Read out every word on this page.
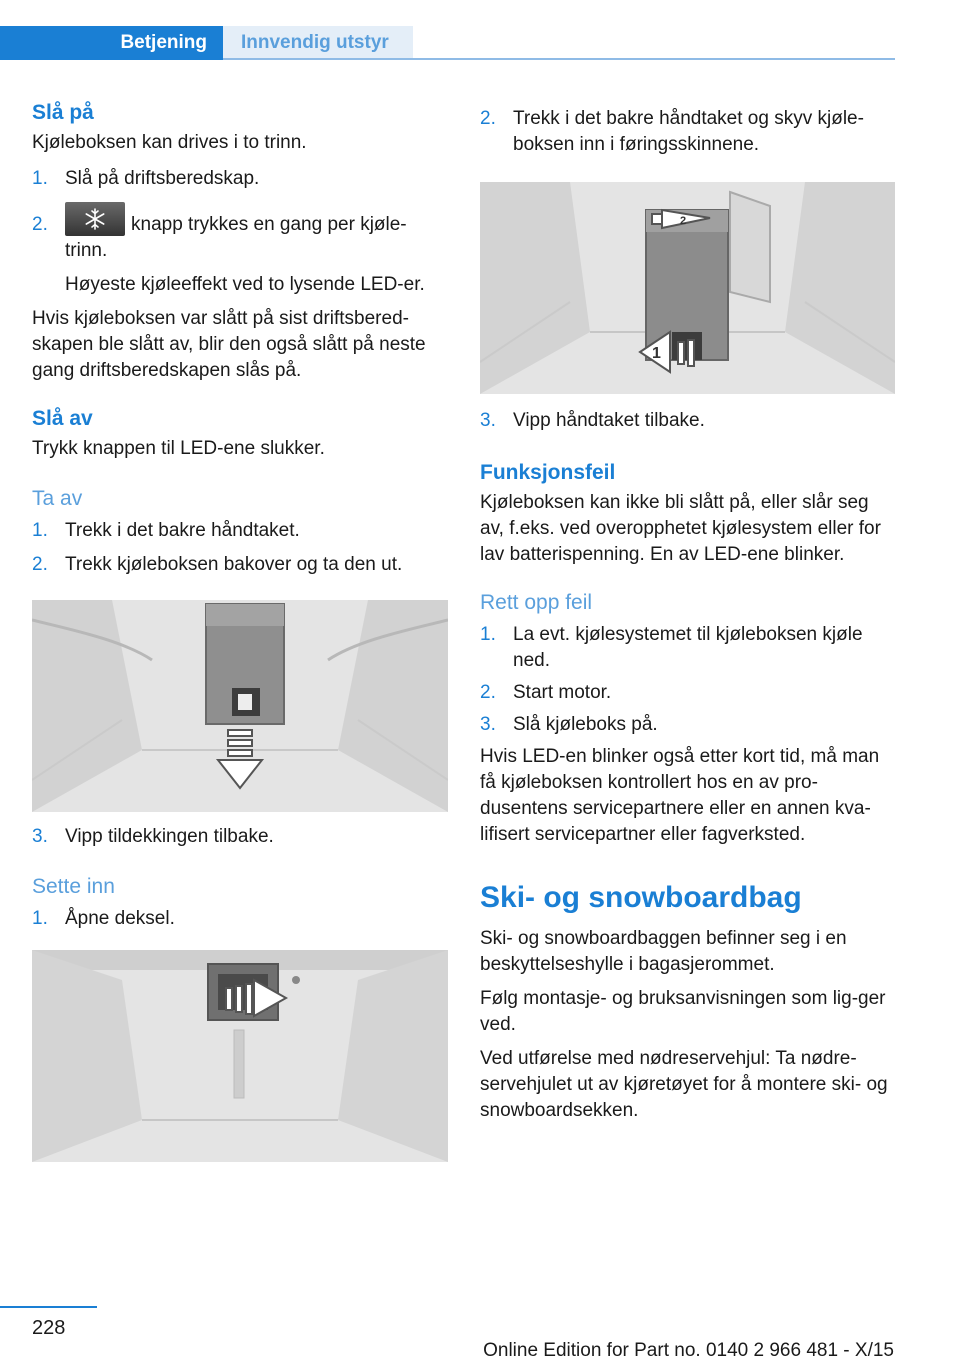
Betjening	Innvendig utstyr
Slå på

Kjøleboksen kan drives i to trinn.

1. Slå på driftsberedskap.
2.	knapp trykkes en gang per kjøle-trinn.

Høyeste kjøleeffekt ved to lysende LED-er.

Hvis kjøleboksen var slått på sist driftsbered-skapen ble slått av, blir den også slått på neste gang driftsberedskapen slås på.

Slå av

Trykk knappen til LED-ene slukker.

Ta av
1. Trekk i det bakre håndtaket.
2. Trekk kjøleboksen bakover og ta den ut.
3. Vipp tildekkingen tilbake.
Sette inn
1. Åpne deksel.
2. Trekk i det bakre håndtaket og skyv kjøle-boksen inn i føringsskinnene.
2
1
3. Vipp håndtaket tilbake.
Funksjonsfeil

Kjøleboksen kan ikke bli slått på, eller slår seg av, f.eks. ved overopphetet kjølesystem eller for lav batterispenning. En av LED-ene blinker.

Rett opp feil
1. La evt. kjølesystemet til kjøleboksen kjøle ned.
2. Start motor.
3. Slå kjøleboks på.

Hvis LED-en blinker også etter kort tid, må man få kjøleboksen kontrollert hos en av pro-dusentens servicepartnere eller en annen kva-lifisert servicepartner eller fagverksted.

Ski- og snowboardbag

Ski- og snowboardbaggen befinner seg i en beskyttelseshylle i bagasjerommet.

Følg montasje- og bruksanvisningen som lig-ger ved.

Ved utførelse med nødreservehjul: Ta nødre-servehjulet ut av kjøretøyet for å montere ski- og snowboardsekken.

228
Online Edition for Part no. 0140 2 966 481 - X/15
